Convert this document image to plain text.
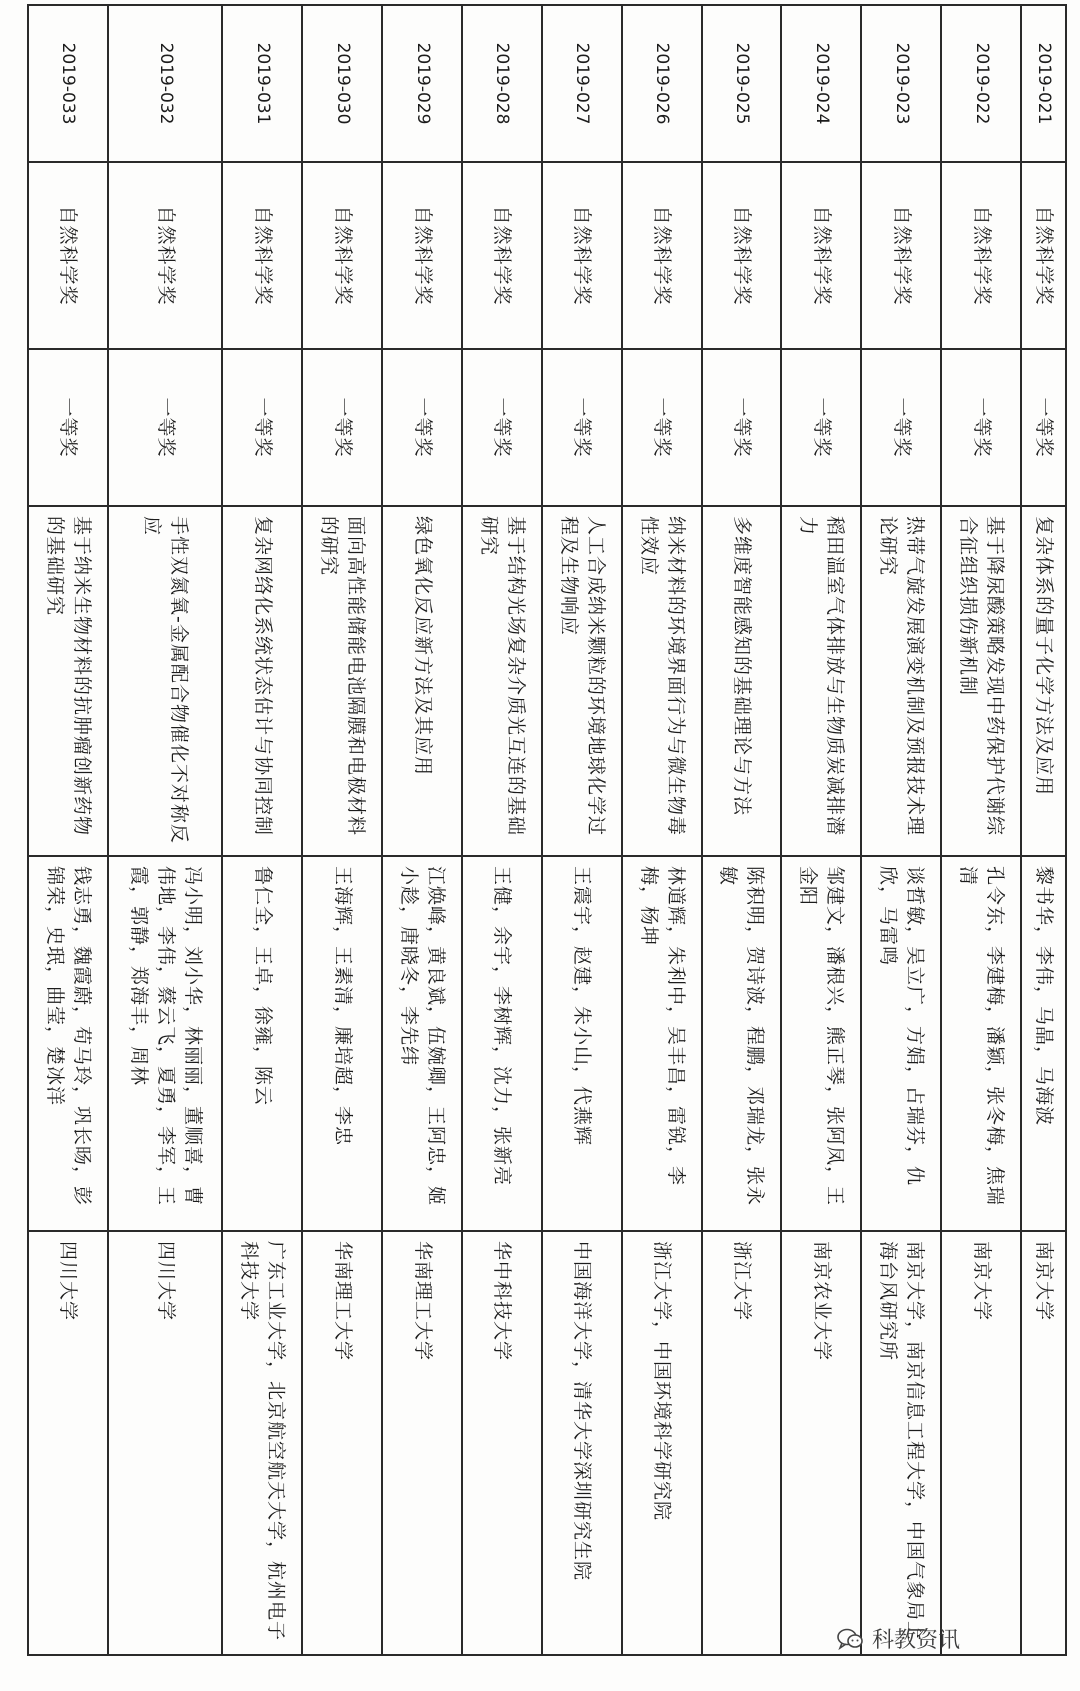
2019-021	自然科学奖	一等奖	复杂体系的量子化学方法及应用	黎书华，李伟，马晶，马海波	南京大学
2019-022	自然科学奖	一等奖	基于降尿酸策略发现中药保护代谢综合征组织损伤新机制	孔令东，李建梅，潘颖，张冬梅，焦瑞清	南京大学
2019-023	自然科学奖	一等奖	热带气旋发展演变机制及预报技术理论研究	谈哲敏，吴立广，方娟，占瑞芬，仇欣，马雷鸣	南京大学，南京信息工程大学，中国气象局上海台风研究所
2019-024	自然科学奖	一等奖	稻田温室气体排放与生物质炭减排潜力	邹建文，潘根兴，熊正琴，张阿凤，王金阳	南京农业大学
2019-025	自然科学奖	一等奖	多维度智能感知的基础理论与方法	陈积明，贺诗波，程鹏，邓瑞龙，张永敏	浙江大学
2019-026	自然科学奖	一等奖	纳米材料的环境界面行为与微生物毒性效应	林道辉，朱利中，吴丰昌，雷锐，李梅，杨坤	浙江大学，中国环境科学研究院
2019-027	自然科学奖	一等奖	人工合成纳米颗粒的环境地球化学过程及生物响应	王震宇，赵建，朱小山，代燕辉	中国海洋大学，清华大学深圳研究生院
2019-028	自然科学奖	一等奖	基于结构光场复杂介质光互连的基础研究	王健，余宇，李树辉，沈力，张新亮	华中科技大学
2019-029	自然科学奖	一等奖	绿色氧化反应新方法及其应用	江焕峰，黄良斌，伍婉卿，王阿忠，姬小趁，唐晓冬，李先纬	华南理工大学
2019-030	自然科学奖	一等奖	面向高性能储能电池隔膜和电极材料的研究	王海辉，王素清，廉培超，李忠	华南理工大学
2019-031	自然科学奖	一等奖	复杂网络化系统状态估计与协同控制	鲁仁全，王卓，徐雍，陈云	广东工业大学，北京航空航天大学，杭州电子科技大学
2019-032	自然科学奖	一等奖	手性双氮氧-金属配合物催化不对称反应	冯小明，刘小华，林丽丽，董顺喜，曹伟地，李伟，蔡云飞，夏勇，李军，王霞，郭静，郑海丰，周林	四川大学
2019-033	自然科学奖	一等奖	基于纳米生物材料的抗肿瘤创新药物的基础研究	钱志勇，魏霞蔚，苟马玲，巩长旸，彭锦荣，史珉，曲莹，楚冰洋	四川大学
科教资讯
